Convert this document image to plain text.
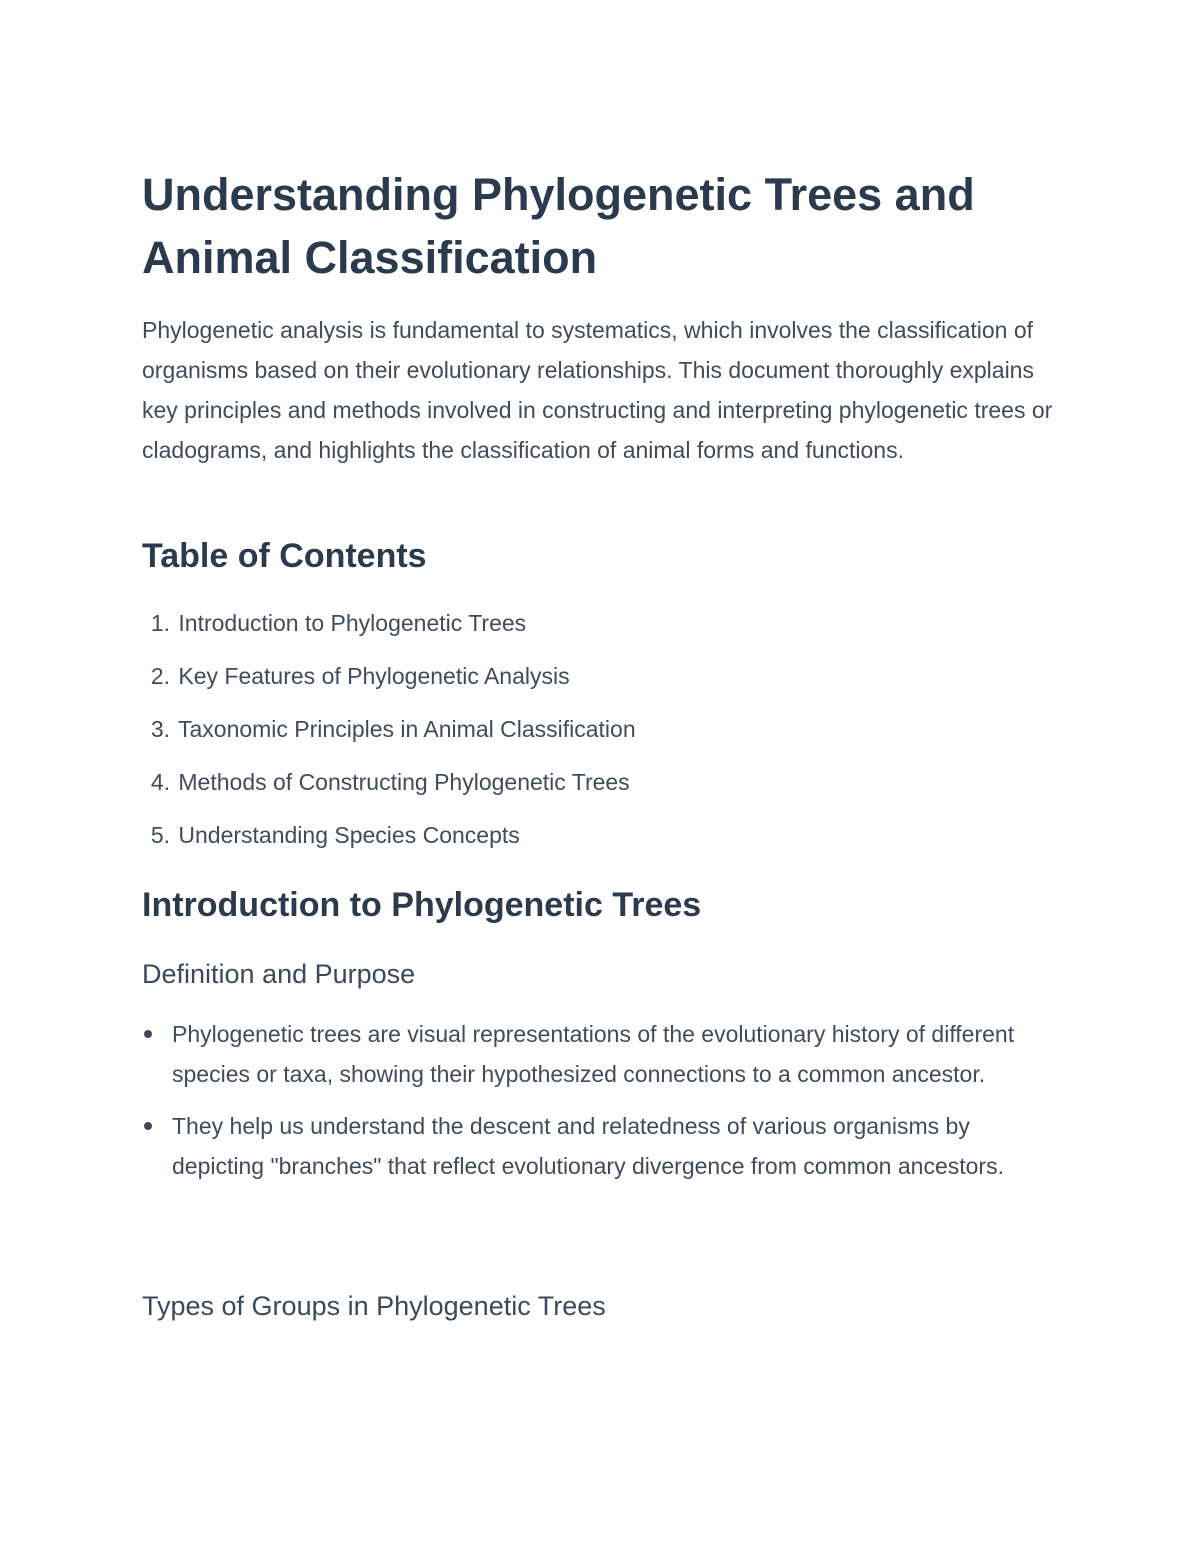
Understanding Phylogenetic Trees and Animal Classification

Phylogenetic analysis is fundamental to systematics, which involves the classification of organisms based on their evolutionary relationships. This document thoroughly explains key principles and methods involved in constructing and interpreting phylogenetic trees or cladograms, and highlights the classification of animal forms and functions.

Table of Contents
1. Introduction to Phylogenetic Trees
2. Key Features of Phylogenetic Analysis
3. Taxonomic Principles in Animal Classification
4. Methods of Constructing Phylogenetic Trees
5. Understanding Species Concepts
Introduction to Phylogenetic Trees
Definition and Purpose
Phylogenetic trees are visual representations of the evolutionary history of different species or taxa, showing their hypothesized connections to a common ancestor.
They help us understand the descent and relatedness of various organisms by depicting "branches" that reflect evolutionary divergence from common ancestors.
Types of Groups in Phylogenetic Trees
